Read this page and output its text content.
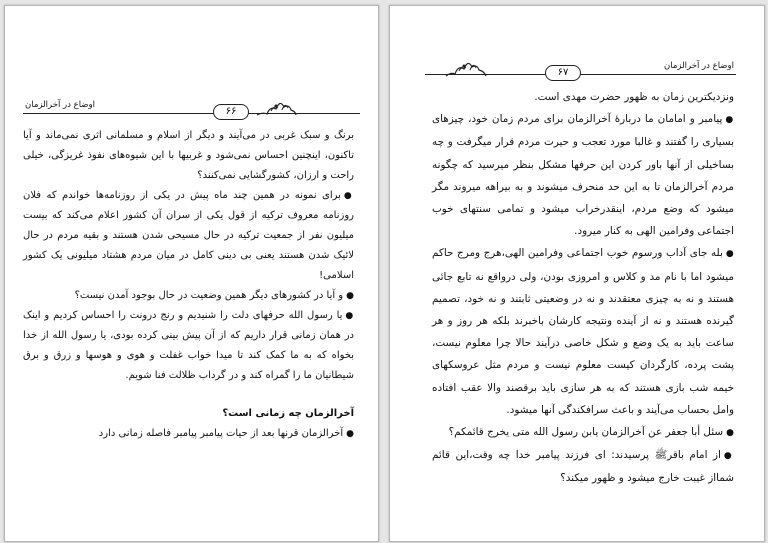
اوضاع در آخرالزمان
۶۶

برنگ و سبک غربی در می‌آیند و دیگر از اسلام و مسلمانی اثری نمی‌ماند و آیا تاکنون، اینچنین احساس نمی‌شود و غربیها با این شیوه‌های نفوذ غریزگی، خیلی راحت و ارزان، کشورگشایی نمی‌کنند؟

●برای نمونه در همین چند ماه پیش در یکی از روزنامه‌ها خواندم که فلان روزنامه معروف ترکیه از قول یکی از سران آن کشور اعلام می‌کند که بیست میلیون نفر از جمعیت ترکیه در حال مسیحی شدن هستند و بقیه مردم در حال لائیک شدن هستند یعنی بی دینی کامل در میان مردم هشتاد میلیونی یک کشور اسلامی!

●و آیا در کشورهای دیگر همین وضعیت در حال بوجود آمدن نیست؟

●یا رسول الله حرفهای دلت را شنیدیم و رنج درونت را احساس کردیم و اینک در همان زمانی قرار داریم که از آن پیش بینی کرده بودی، یا رسول الله از خدا بخواه که به ما کمک کند تا میدا خواب غفلت و هوی و هوسها و زرق و برق شیطانیان ما را گمراه کند و در گرداب ظلالت فنا شویم.

آخرالزمان چه زمانی است؟

●آخرالزمان قرنها بعد از حیات پیامبر پیامبر فاصله زمانی دارد

اوضاع در آخرالزمان
۶۷

ونزدیکترین زمان به ظهور حضرت مهدی است.

●پیامبر و امامان ما دربارهٔ آخرالزمان برای مردم زمان خود، چیزهای بسیاری را گفتند و غالبا مورد تعجب و حیرت مردم قرار میگرفت و چه بساخیلی از آنها باور کردن این حرفها مشکل بنظر میرسید که چگونه مردم آخرالزمان تا به این حد منحرف میشوند و به بیراهه میروند مگر میشود که وضع مردم، اینقدرخراب میشود و تمامی سنتهای خوب اجتماعی وفرامین الهی به کنار میرود.

●بله جای آداب ورسوم خوب اجتماعی وفرامین الهی،هرج ومرج حاکم میشود اما با نام مد و کلاس و امروزی بودن، ولی درواقع نه تابع جائی هستند و نه به چیزی معتقدند و نه در وضعیتی ثابتند و نه خود، تصمیم گیرنده هستند و نه از آینده ونتیجه کارشان باخبرند بلکه هر روز و هر ساعت باید به یک وضع و شکل خاصی درآیند حالا چرا معلوم نیست، پشت پرده، کارگردان کیست معلوم نیست و مردم مثل عروسکهای خیمه شب بازی هستند که به هر سازی باید برقصند والا عقب افتاده وامل بحساب می‌آیند و باعث سرافکندگی آنها میشود.

●سئل أبا جعفر عن آخرالزمان یابن رسول الله متی یخرج قائمکم؟

●از امام باقرﷺ پرسیدند: ای فرزند پیامبر خدا چه وقت،این قائم شمااز غیبت خارج میشود و ظهور میکند؟
